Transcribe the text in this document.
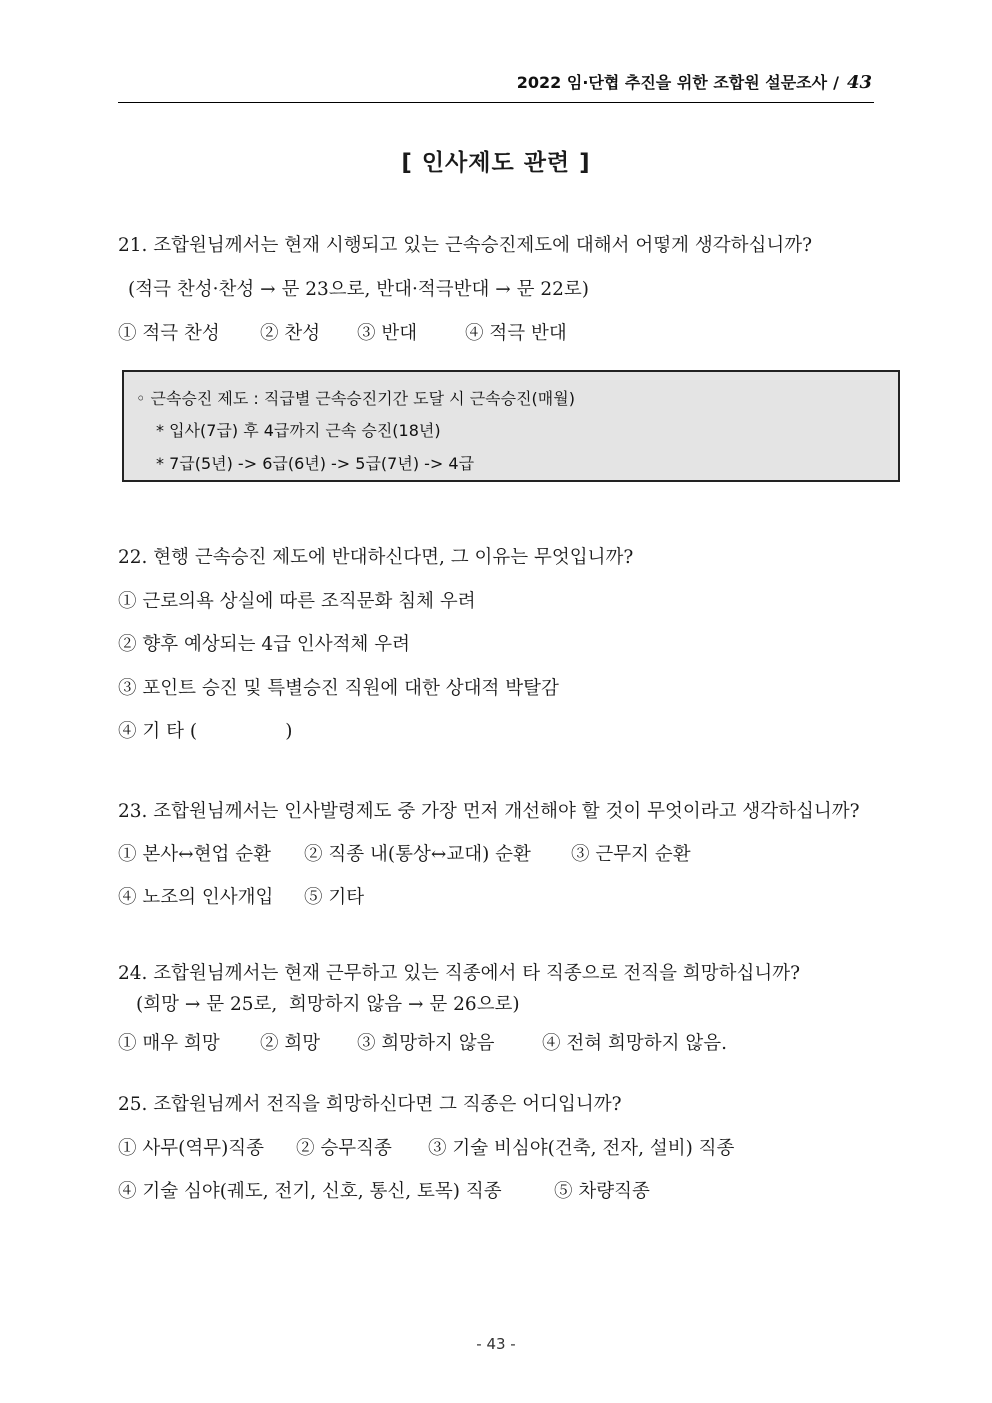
2022 임·단협 추진을 위한 조합원 설문조사 / 43
[ 인사제도 관련 ]
21. 조합원님께서는 현재 시행되고 있는 근속승진제도에 대해서 어떻게 생각하십니까?
(적극 찬성·찬성 → 문 23으로, 반대·적극반대 → 문 22로)
① 적극 찬성 ② 찬성 ③ 반대	④ 적극 반대
◦ 근속승진 제도 : 직급별 근속승진기간 도달 시 근속승진(매월)
* 입사(7급) 후 4급까지 근속 승진(18년)
* 7급(5년) -> 6급(6년) -> 5급(7년) -> 4급
22. 현행 근속승진 제도에 반대하신다면, 그 이유는 무엇입니까?
① 근로의욕 상실에 따른 조직문화 침체 우려
② 향후 예상되는 4급 인사적체 우려
③ 포인트 승진 및 특별승진 직원에 대한 상대적 박탈감
④ 기 타 (               )
23. 조합원님께서는 인사발령제도 중 가장 먼저 개선해야 할 것이 무엇이라고 생각하십니까?
① 본사↔현업 순환 ② 직종 내(통상↔교대) 순환 ③ 근무지 순환
④ 노조의 인사개입 ⑤ 기타
24. 조합원님께서는 현재 근무하고 있는 직종에서 타 직종으로 전직을 희망하십니까?
(희망 → 문 25로,  희망하지 않음 → 문 26으로)
① 매우 희망 ② 희망 ③ 희망하지 않음	④ 전혀 희망하지 않음.
25. 조합원님께서 전직을 희망하신다면 그 직종은 어디입니까?
① 사무(역무)직종 ② 승무직종 ③ 기술 비심야(건축, 전자, 설비) 직종
④ 기술 심야(궤도, 전기, 신호, 통신, 토목) 직종	⑤ 차량직종
- 43 -
